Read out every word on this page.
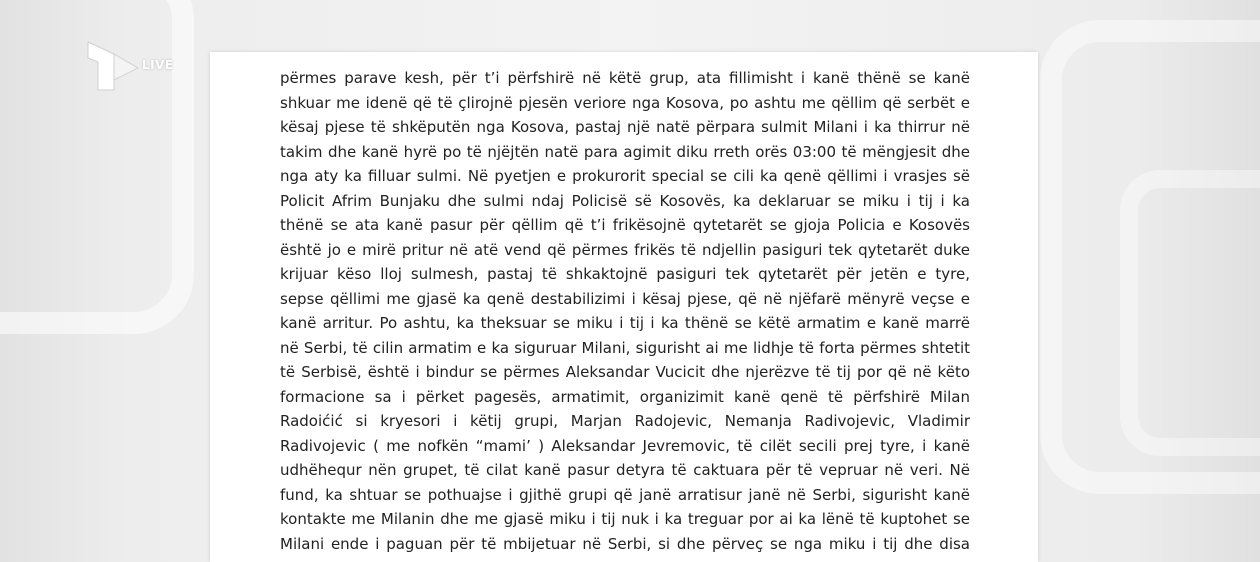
LIVE
përmes parave kesh, për t’i përfshirë në këtë grup, ata fillimisht i kanë thënë se kanë
shkuar me idenë që të çlirojnë pjesën veriore nga Kosova, po ashtu me qëllim që serbët e
kësaj pjese të shkëputën nga Kosova, pastaj një natë përpara sulmit Milani i ka thirrur në
takim dhe kanë hyrë po të njëjtën natë para agimit diku rreth orës 03:00 të mëngjesit dhe
nga aty ka filluar sulmi. Në pyetjen e prokurorit special se cili ka qenë qëllimi i vrasjes së
Policit Afrim Bunjaku dhe sulmi ndaj Policisë së Kosovës, ka deklaruar se miku i tij i ka
thënë se ata kanë pasur për qëllim që t’i frikësojnë qytetarët se gjoja Policia e Kosovës
është jo e mirë pritur në atë vend që përmes frikës të ndjellin pasiguri tek qytetarët duke
krijuar këso lloj sulmesh, pastaj të shkaktojnë pasiguri tek qytetarët për jetën e tyre,
sepse qëllimi me gjasë ka qenë destabilizimi i kësaj pjese, që në njëfarë mënyrë veçse e
kanë arritur. Po ashtu, ka theksuar se miku i tij i ka thënë se këtë armatim e kanë marrë
në Serbi, të cilin armatim e ka siguruar Milani, sigurisht ai me lidhje të forta përmes shtetit
të Serbisë, është i bindur se përmes Aleksandar Vucicit dhe njerëzve të tij por që në këto
formacione sa i përket pagesës, armatimit, organizimit kanë qenë të përfshirë Milan
Radoićić si kryesori i këtij grupi, Marjan Radojevic, Nemanja Radivojevic, Vladimir
Radivojevic ( me nofkën “mami’ ) Aleksandar Jevremovic, të cilët secili prej tyre, i kanë
udhëhequr nën grupet, të cilat kanë pasur detyra të caktuara për të vepruar në veri. Në
fund, ka shtuar se pothuajse i gjithë grupi që janë arratisur janë në Serbi, sigurisht kanë
kontakte me Milanin dhe me gjasë miku i tij nuk i ka treguar por ai ka lënë të kuptohet se
Milani ende i paguan për të mbijetuar në Serbi, si dhe përveç se nga miku i tij dhe disa
